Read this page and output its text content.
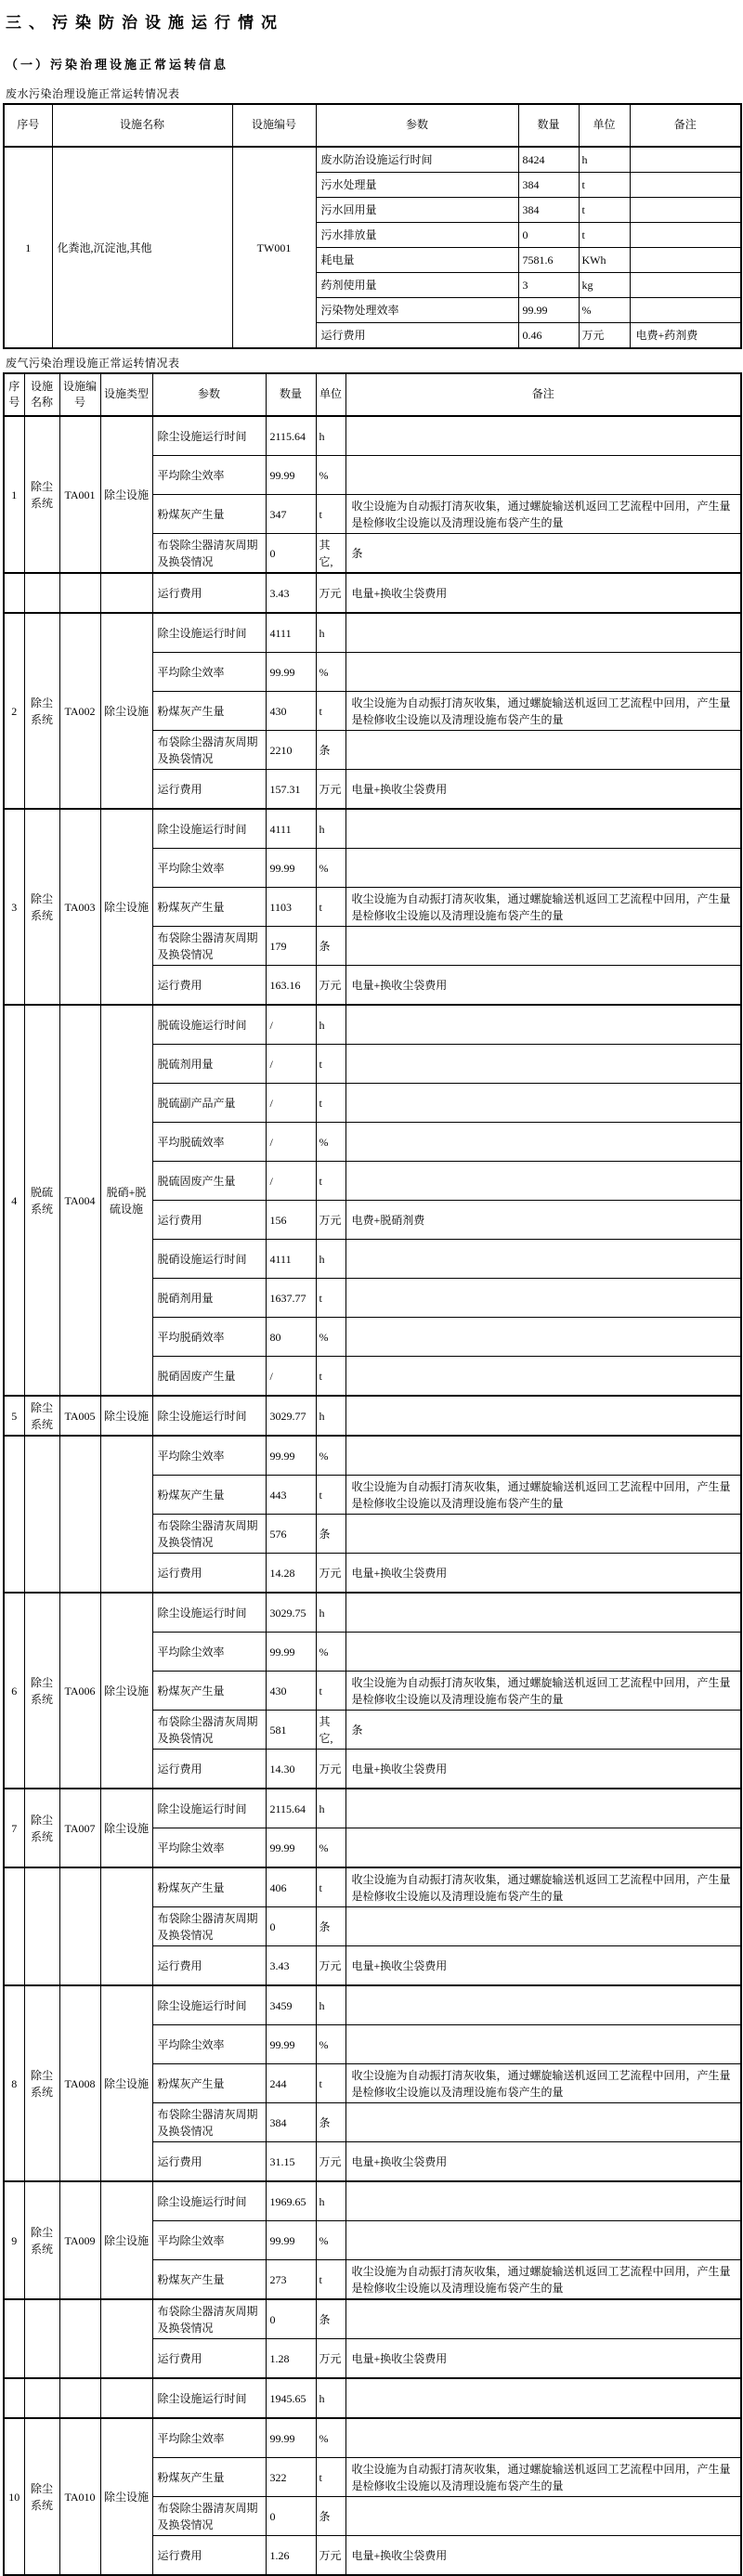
三、污染防治设施运行情况
（一）污染治理设施正常运转信息
废水污染治理设施正常运转情况表
序号	设施名称	设施编号	参数	数量	单位	备注
1	化粪池,沉淀池,其他	TW001	废水防治设施运行时间	8424	h	
			污水处理量	384	t	
			污水回用量	384	t	
			污水排放量	0	t	
			耗电量	7581.6	KWh	
			药剂使用量	3	kg	
			污染物处理效率	99.99	%	
			运行费用	0.46	万元	电费+药剂费
废气污染治理设施正常运转情况表
序号	设施名称	设施编号	设施类型	参数	数量	单位	备注
1	除尘系统	TA001	除尘设施	除尘设施运行时间	2115.64	h	
				平均除尘效率	99.99	%	
				粉煤灰产生量	347	t	收尘设施为自动振打清灰收集，通过螺旋输送机返回工艺流程中回用，产生量是检修收尘设施以及清理设施布袋产生的量
				布袋除尘器清灰周期及换袋情况	0	其它,	条
				运行费用	3.43	万元	电量+换收尘袋费用
2	除尘系统	TA002	除尘设施	除尘设施运行时间	4111	h	
				平均除尘效率	99.99	%	
				粉煤灰产生量	430	t	收尘设施为自动振打清灰收集，通过螺旋输送机返回工艺流程中回用，产生量是检修收尘设施以及清理设施布袋产生的量
				布袋除尘器清灰周期及换袋情况	2210	条	
				运行费用	157.31	万元	电量+换收尘袋费用
3	除尘系统	TA003	除尘设施	除尘设施运行时间	4111	h	
				平均除尘效率	99.99	%	
				粉煤灰产生量	1103	t	收尘设施为自动振打清灰收集，通过螺旋输送机返回工艺流程中回用，产生量是检修收尘设施以及清理设施布袋产生的量
				布袋除尘器清灰周期及换袋情况	179	条	
				运行费用	163.16	万元	电量+换收尘袋费用
4	脱硫系统	TA004	脱硝+脱硫设施	脱硫设施运行时间	/	h	
				脱硫剂用量	/	t	
				脱硫副产品产量	/	t	
				平均脱硫效率	/	%	
				脱硫固废产生量	/	t	
				运行费用	156	万元	电费+脱硝剂费
				脱硝设施运行时间	4111	h	
				脱硝剂用量	1637.77	t	
				平均脱硝效率	80	%	
				脱硝固废产生量	/	t	
5	除尘系统	TA005	除尘设施	除尘设施运行时间	3029.77	h	
				平均除尘效率	99.99	%	
				粉煤灰产生量	443	t	收尘设施为自动振打清灰收集，通过螺旋输送机返回工艺流程中回用，产生量是检修收尘设施以及清理设施布袋产生的量
				布袋除尘器清灰周期及换袋情况	576	条	
				运行费用	14.28	万元	电量+换收尘袋费用
6	除尘系统	TA006	除尘设施	除尘设施运行时间	3029.75	h	
				平均除尘效率	99.99	%	
				粉煤灰产生量	430	t	收尘设施为自动振打清灰收集，通过螺旋输送机返回工艺流程中回用，产生量是检修收尘设施以及清理设施布袋产生的量
				布袋除尘器清灰周期及换袋情况	581	其它,	条
				运行费用	14.30	万元	电量+换收尘袋费用
7	除尘系统	TA007	除尘设施	除尘设施运行时间	2115.64	h	
				平均除尘效率	99.99	%	
				粉煤灰产生量	406	t	收尘设施为自动振打清灰收集，通过螺旋输送机返回工艺流程中回用，产生量是检修收尘设施以及清理设施布袋产生的量
				布袋除尘器清灰周期及换袋情况	0	条	
				运行费用	3.43	万元	电量+换收尘袋费用
8	除尘系统	TA008	除尘设施	除尘设施运行时间	3459	h	
				平均除尘效率	99.99	%	
				粉煤灰产生量	244	t	收尘设施为自动振打清灰收集，通过螺旋输送机返回工艺流程中回用，产生量是检修收尘设施以及清理设施布袋产生的量
				布袋除尘器清灰周期及换袋情况	384	条	
				运行费用	31.15	万元	电量+换收尘袋费用
9	除尘系统	TA009	除尘设施	除尘设施运行时间	1969.65	h	
				平均除尘效率	99.99	%	
				粉煤灰产生量	273	t	收尘设施为自动振打清灰收集，通过螺旋输送机返回工艺流程中回用，产生量是检修收尘设施以及清理设施布袋产生的量
				布袋除尘器清灰周期及换袋情况	0	条	
				运行费用	1.28	万元	电量+换收尘袋费用
				除尘设施运行时间	1945.65	h	
10	除尘系统	TA010	除尘设施	平均除尘效率	99.99	%	
				粉煤灰产生量	322	t	收尘设施为自动振打清灰收集，通过螺旋输送机返回工艺流程中回用，产生量是检修收尘设施以及清理设施布袋产生的量
				布袋除尘器清灰周期及换袋情况	0	条	
				运行费用	1.26	万元	电量+换收尘袋费用
